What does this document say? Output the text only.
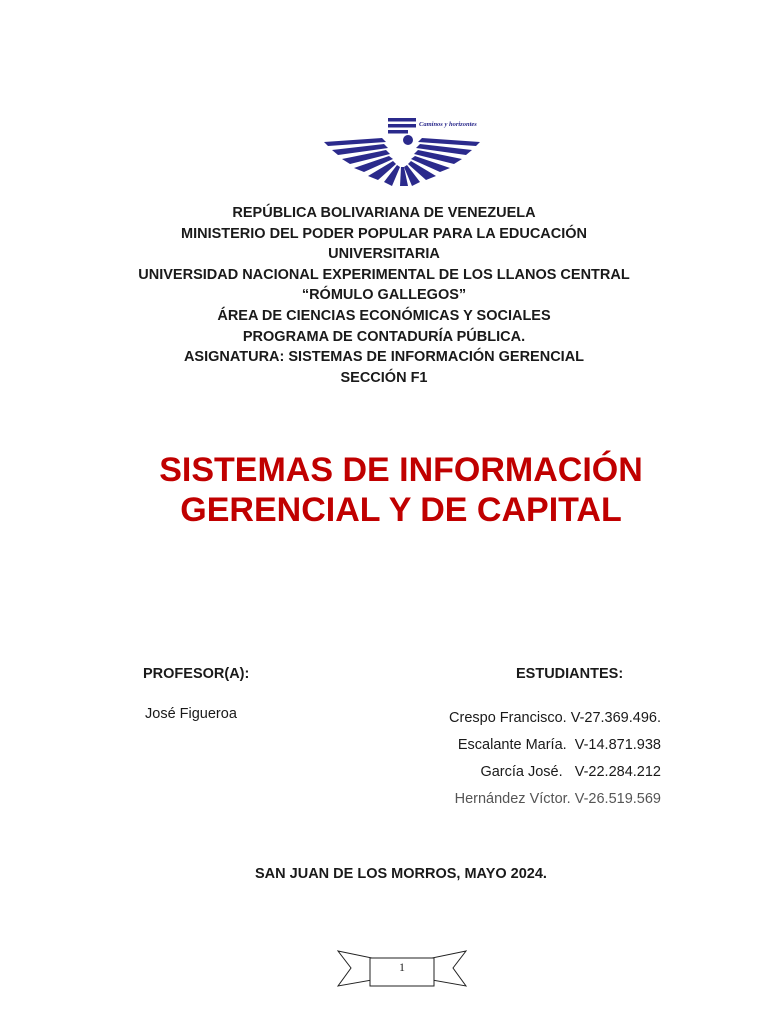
Caminos y horizontes
REPÚBLICA BOLIVARIANA DE VENEZUELA
MINISTERIO DEL PODER POPULAR PARA LA EDUCACIÓN
UNIVERSITARIA
UNIVERSIDAD NACIONAL EXPERIMENTAL DE LOS LLANOS CENTRAL
“RÓMULO GALLEGOS”
ÁREA DE CIENCIAS ECONÓMICAS Y SOCIALES
PROGRAMA DE CONTADURÍA PÚBLICA.
ASIGNATURA: SISTEMAS DE INFORMACIÓN GERENCIAL
SECCIÓN F1
SISTEMAS DE INFORMACIÓN
GERENCIAL Y DE CAPITAL
PROFESOR(A):	ESTUDIANTES:
José Figueroa	Crespo Francisco. V-27.369.496.
Escalante María.  V-14.871.938
García José.   V-22.284.212
Hernández Víctor. V-26.519.569
SAN JUAN DE LOS MORROS, MAYO 2024.
1
